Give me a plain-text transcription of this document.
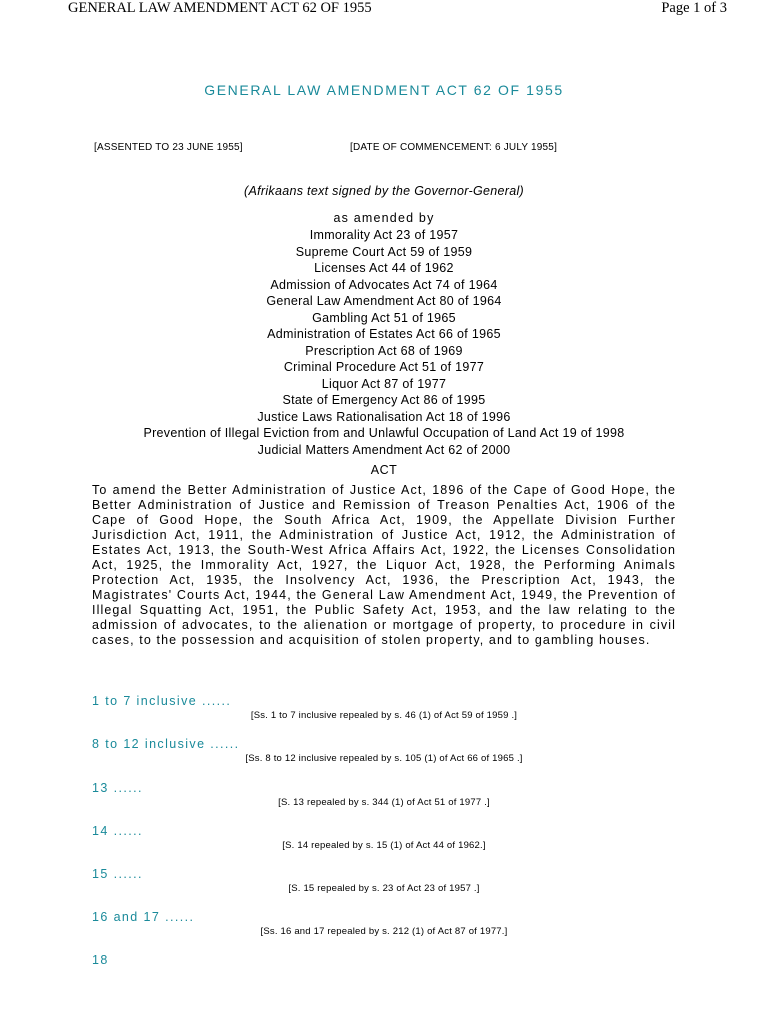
GENERAL LAW AMENDMENT ACT 62 OF 1955	Page 1 of 3
GENERAL LAW AMENDMENT ACT 62 OF 1955
[ASSENTED TO 23 JUNE 1955]	[DATE OF COMMENCEMENT: 6 JULY 1955]
(Afrikaans text signed by the Governor-General)
as amended by
Immorality Act 23 of 1957
Supreme Court Act 59 of 1959
Licenses Act 44 of 1962
Admission of Advocates Act 74 of 1964
General Law Amendment Act 80 of 1964
Gambling Act 51 of 1965
Administration of Estates Act 66 of 1965
Prescription Act 68 of 1969
Criminal Procedure Act 51 of 1977
Liquor Act 87 of 1977
State of Emergency Act 86 of 1995
Justice Laws Rationalisation Act 18 of 1996
Prevention of Illegal Eviction from and Unlawful Occupation of Land Act 19 of 1998
Judicial Matters Amendment Act 62 of 2000
ACT

To amend the Better Administration of Justice Act, 1896 of the Cape of Good Hope, the Better Administration of Justice and Remission of Treason Penalties Act, 1906 of the Cape of Good Hope, the South Africa Act, 1909, the Appellate Division Further Jurisdiction Act, 1911, the Administration of Justice Act, 1912, the Administration of Estates Act, 1913, the South-West Africa Affairs Act, 1922, the Licenses Consolidation Act, 1925, the Immorality Act, 1927, the Liquor Act, 1928, the Performing Animals Protection Act, 1935, the Insolvency Act, 1936, the Prescription Act, 1943, the Magistrates' Courts Act, 1944, the General Law Amendment Act, 1949, the Prevention of Illegal Squatting Act, 1951, the Public Safety Act, 1953, and the law relating to the admission of advocates, to the alienation or mortgage of property, to procedure in civil cases, to the possession and acquisition of stolen property, and to gambling houses.

1 to 7 inclusive ......
[Ss. 1 to 7 inclusive repealed by s. 46 (1) of Act 59 of 1959 .]
8 to 12 inclusive ......
[Ss. 8 to 12 inclusive repealed by s. 105 (1) of Act 66 of 1965 .]
13 ......
[S. 13 repealed by s. 344 (1) of Act 51 of 1977 .]
14 ......
[S. 14 repealed by s. 15 (1) of Act 44 of 1962.]
15 ......
[S. 15 repealed by s. 23 of Act 23 of 1957 .]
16 and 17 ......
[Ss. 16 and 17 repealed by s. 212 (1) of Act 87 of 1977.]
18
